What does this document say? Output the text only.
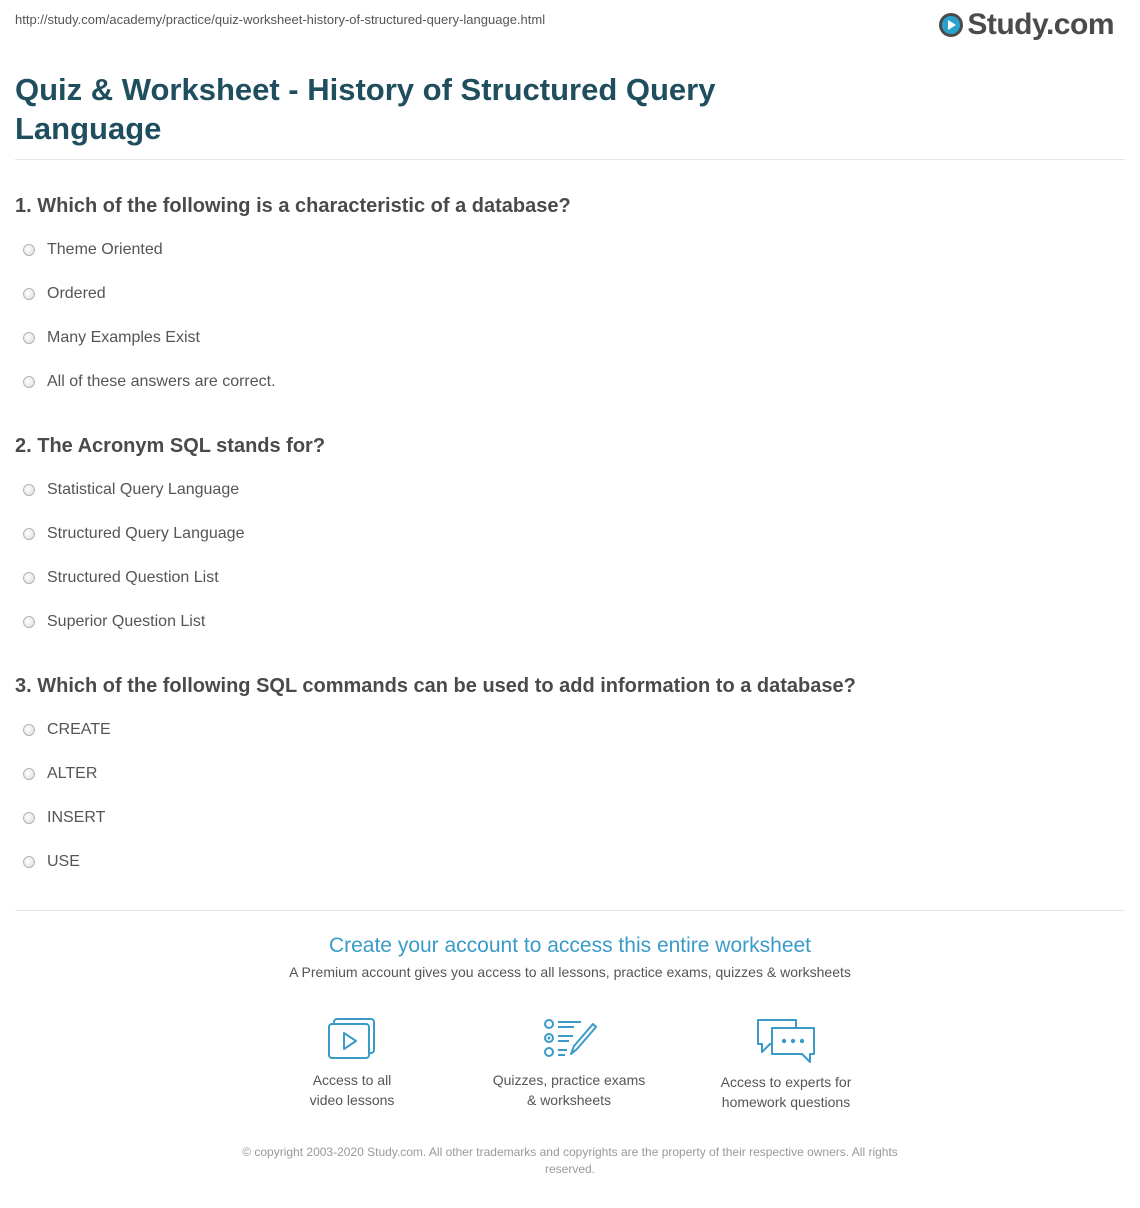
http://study.com/academy/practice/quiz-worksheet-history-of-structured-query-language.html	Study.com
Quiz & Worksheet - History of Structured Query Language
1. Which of the following is a characteristic of a database?
Theme Oriented
Ordered
Many Examples Exist
All of these answers are correct.
2. The Acronym SQL stands for?
Statistical Query Language
Structured Query Language
Structured Question List
Superior Question List
3. Which of the following SQL commands can be used to add information to a database?
CREATE
ALTER
INSERT
USE
Create your account to access this entire worksheet
A Premium account gives you access to all lessons, practice exams, quizzes & worksheets
Access to all
video lessons
Quizzes, practice exams
& worksheets
Access to experts for
homework questions
© copyright 2003-2020 Study.com. All other trademarks and copyrights are the property of their respective owners. All rights reserved.
